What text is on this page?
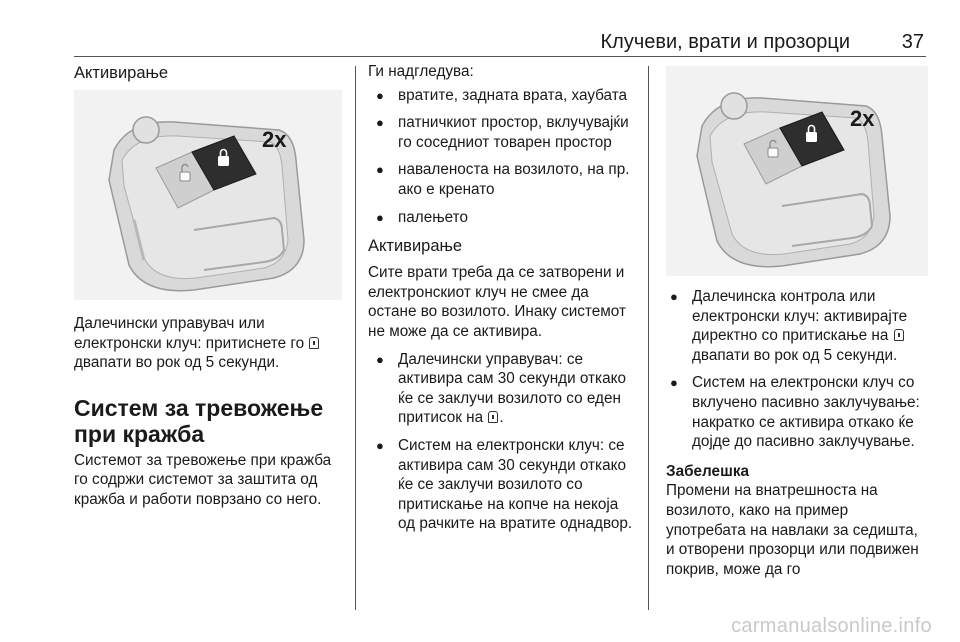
Клучеви, врати и прозорци	37
Активирање
2x

Далечински управувач или електронски клуч: притиснете го  двапати во рок од 5 секунди.

Систем за тревожење при кражба

Системот за тревожење при кражба го содржи системот за заштита од кражба и работи поврзано со него.

Ги надгледува:

● вратите, задната врата, хаубата
● патничкиот простор, вклучувајќи го соседниот товарен простор
● наваленоста на возилото, на пр. ако е кренато
● палењето
Активирање

Сите врати треба да се затворени и електронскиот клуч не смее да остане во возилото. Инаку системот не може да се активира.

● Далечински управувач: се активира сам 30 секунди откако ќе се заклучи возилото со еден притисок на .
● Систем на електронски клуч: се активира сам 30 секунди откако ќе се заклучи возилото со притискање на копче на некоја од рачките на вратите однадвор.
2x
● Далечинска контрола или електронски клуч: активирајте директно со притискање на  двапати во рок од 5 секунди.
● Систем на електронски клуч со вклучено пасивно заклучување: накратко се активира откако ќе дојде до пасивно заклучување.

Забелешка

Промени на внатрешноста на возилото, како на пример употребата на навлаки за седишта, и отворени прозорци или подвижен покрив, може да го

carmanualsonline.info
